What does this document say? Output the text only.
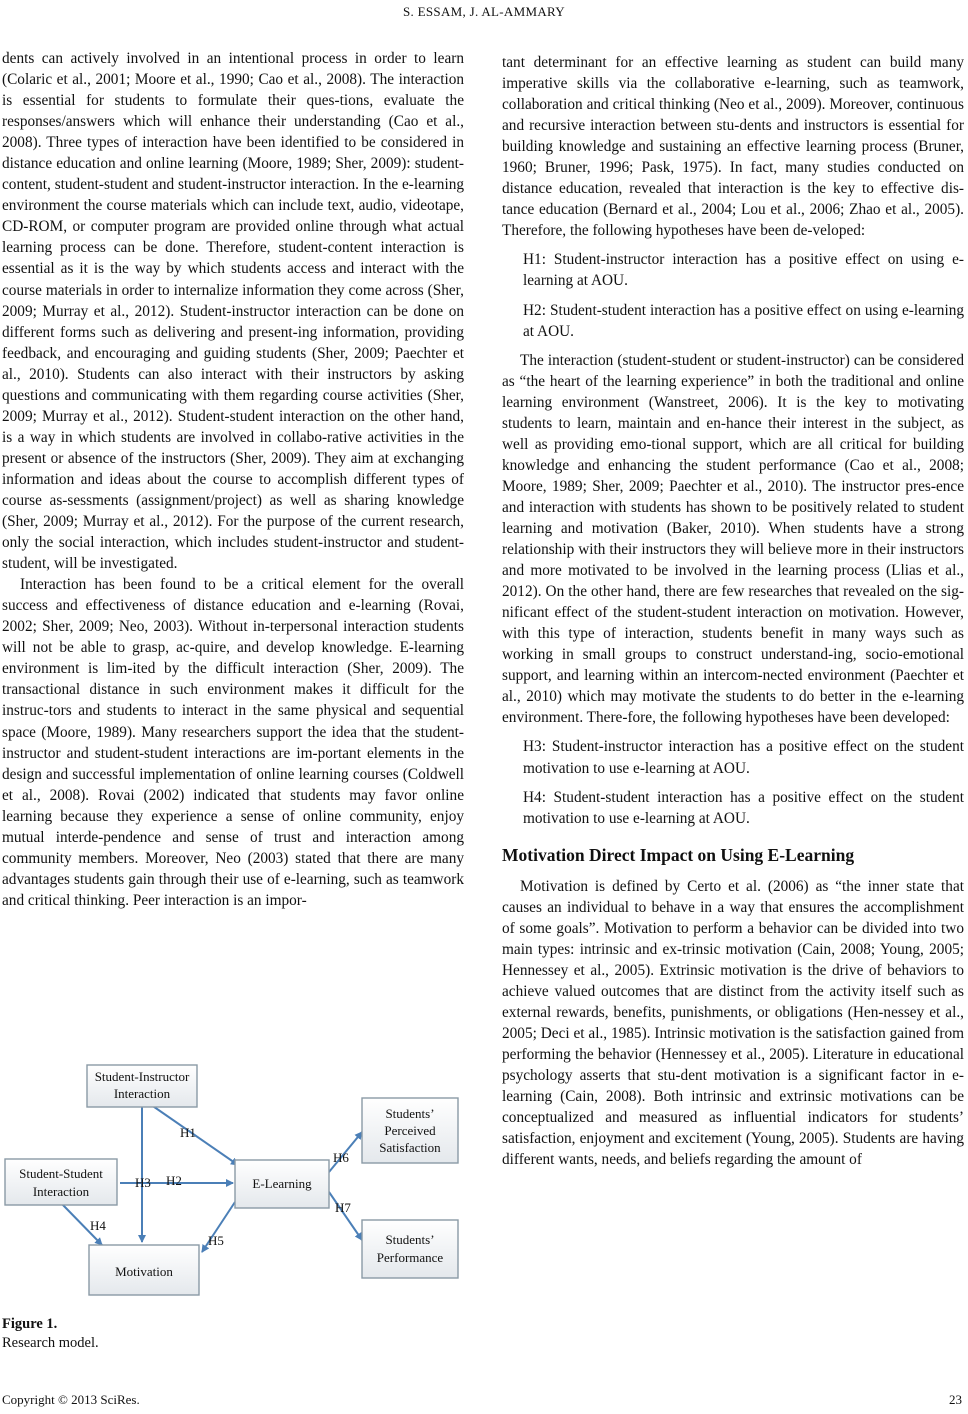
S. ESSAM, J. AL-AMMARY

dents can actively involved in an intentional process in order to learn (Colaric et al., 2001; Moore et al., 1990; Cao et al., 2008). The interaction is essential for students to formulate their ques-tions, evaluate the responses/answers which will enhance their understanding (Cao et al., 2008). Three types of interaction have been identified to be considered in distance education and online learning (Moore, 1989; Sher, 2009): student-content, student-student and student-instructor interaction. In the e-learning environment the course materials which can include text, audio, videotape, CD-ROM, or computer program are provided online through what actual learning process can be done. Therefore, student-content interaction is essential as it is the way by which students access and interact with the course materials in order to internalize information they come across (Sher, 2009; Murray et al., 2012). Student-instructor interaction can be done on different forms such as delivering and present-ing information, providing feedback, and encouraging and guiding students (Sher, 2009; Paechter et al., 2010). Students can also interact with their instructors by asking questions and communicating with them regarding course activities (Sher, 2009; Murray et al., 2012). Student-student interaction on the other hand, is a way in which students are involved in collabo-rative activities in the present or absence of the instructors (Sher, 2009). They aim at exchanging information and ideas about the course to accomplish different types of course as-sessments (assignment/project) as well as sharing knowledge (Sher, 2009; Murray et al., 2012). For the purpose of the current research, only the social interaction, which includes student-instructor and student-student, will be investigated.

Interaction has been found to be a critical element for the overall success and effectiveness of distance education and e-learning (Rovai, 2002; Sher, 2009; Neo, 2003). Without in-terpersonal interaction students will not be able to grasp, ac-quire, and develop knowledge. E-learning environment is lim-ited by the difficult interaction (Sher, 2009). The transactional distance in such environment makes it difficult for the instruc-tors and students to interact in the same physical and sequential space (Moore, 1989). Many researchers support the idea that the student-instructor and student-student interactions are im-portant elements in the design and successful implementation of online learning courses (Coldwell et al., 2008). Rovai (2002) indicated that students may favor online learning because they experience a sense of online community, enjoy mutual interde-pendence and sense of trust and interaction among community members. Moreover, Neo (2003) stated that there are many advantages students gain through their use of e-learning, such as teamwork and critical thinking. Peer interaction is an impor-

tant determinant for an effective learning as student can build many imperative skills via the collaborative e-learning, such as teamwork, collaboration and critical thinking (Neo et al., 2009). Moreover, continuous and recursive interaction between stu-dents and instructors is essential for building knowledge and sustaining an effective learning process (Bruner, 1960; Bruner, 1996; Pask, 1975). In fact, many studies conducted on distance education, revealed that interaction is the key to effective dis-tance education (Bernard et al., 2004; Lou et al., 2006; Zhao et al., 2005). Therefore, the following hypotheses have been de-veloped:

H1: Student-instructor interaction has a positive effect on using e-learning at AOU.

H2: Student-student interaction has a positive effect on using e-learning at AOU.

The interaction (student-student or student-instructor) can be considered as “the heart of the learning experience” in both the traditional and online learning environment (Wanstreet, 2006). It is the key to motivating students to learn, maintain and en-hance their interest in the subject, as well as providing emo-tional support, which are all critical for building knowledge and enhancing the student performance (Cao et al., 2008; Moore, 1989; Sher, 2009; Paechter et al., 2010). The instructor pres-ence and interaction with students has shown to be positively related to student learning and motivation (Baker, 2010). When students have a strong relationship with their instructors they will believe more in their instructors and more motivated to be involved in the learning process (Llias et al., 2012). On the other hand, there are few researches that revealed on the sig-nificant effect of the student-student interaction on motivation. However, with this type of interaction, students benefit in many ways such as working in small groups to construct understand-ing, socio-emotional support, and learning within an intercom-nected environment (Paechter et al., 2010) which may motivate the students to do better in the e-learning environment. There-fore, the following hypotheses have been developed:

H3: Student-instructor interaction has a positive effect on the student motivation to use e-learning at AOU.

H4: Student-student interaction has a positive effect on the student motivation to use e-learning at AOU.

Motivation Direct Impact on Using E-Learning

Motivation is defined by Certo et al. (2006) as “the inner state that causes an individual to behave in a way that ensures the accomplishment of some goals”. Motivation to perform a behavior can be divided into two main types: intrinsic and ex-trinsic motivation (Cain, 2008; Young, 2005; Hennessey et al., 2005). Extrinsic motivation is the drive of behaviors to achieve valued outcomes that are distinct from the activity itself such as external rewards, benefits, punishments, or obligations (Hen-nessey et al., 2005; Deci et al., 1985). Intrinsic motivation is the satisfaction gained from performing the behavior (Hennessey et al., 2005). Literature in educational psychology asserts that stu-dent motivation is a significant factor in e-learning (Cain, 2008). Both intrinsic and extrinsic motivations can be conceptualized and measured as influential indicators for students’ satisfaction, enjoyment and excitement (Young, 2005). Students are having different wants, needs, and beliefs regarding the amount of

Student-Instructor
Interaction
Student-Student
Interaction
E-Learning
Motivation
Students’
Perceived
Satisfaction
Students’
Performance
H1
H2
H3
H4
H5
H6
H7
Figure 1.
Research model.
Copyright © 2013 SciRes.	23
